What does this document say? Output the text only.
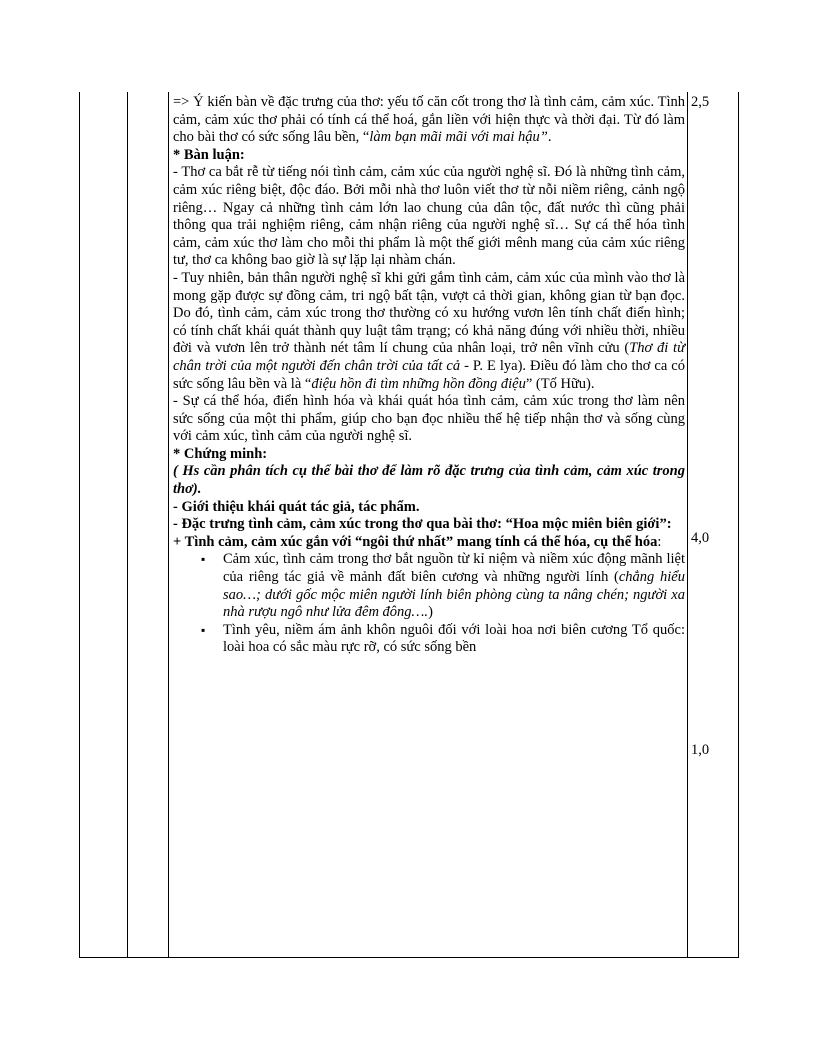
=> Ý kiến bàn về đặc trưng của thơ: yếu tố căn cốt trong thơ là tình cảm, cảm xúc. Tình cảm, cảm xúc thơ phải có tính cá thể hoá, gắn liền với hiện thực và thời đại. Từ đó làm cho bài thơ có sức sống lâu bền, “làm bạn mãi mãi với mai hậu”.

* Bàn luận:

- Thơ ca bắt rễ từ tiếng nói tình cảm, cảm xúc của người nghệ sĩ. Đó là những tình cảm, cảm xúc riêng biệt, độc đáo. Bởi mỗi nhà thơ luôn viết thơ từ nỗi niềm riêng, cảnh ngộ riêng… Ngay cả những tình cảm lớn lao chung của dân tộc, đất nước thì cũng phải thông qua trải nghiệm riêng, cảm nhận riêng của người nghệ sĩ… Sự cá thể hóa tình cảm, cảm xúc thơ làm cho mỗi thi phẩm là một thế giới mênh mang của cảm xúc riêng tư, thơ ca không bao giờ là sự lặp lại nhàm chán.

- Tuy nhiên, bản thân người nghệ sĩ khi gửi gắm tình cảm, cảm xúc của mình vào thơ là mong gặp được sự đồng cảm, tri ngộ bất tận, vượt cả thời gian, không gian từ bạn đọc. Do đó, tình cảm, cảm xúc trong thơ thường có xu hướng vươn lên tính chất điển hình; có tính chất khái quát thành quy luật tâm trạng; có khả năng đúng với nhiều thời, nhiều đời và vươn lên trở thành nét tâm lí chung của nhân loại, trở nên vĩnh cửu (Thơ đi từ chân trời của một người đến chân trời của tất cả - P. E lya). Điều đó làm cho thơ ca có sức sống lâu bền và là “điệu hồn đi tìm những hồn đồng điệu” (Tố Hữu).

- Sự cá thể hóa, điển hình hóa và khái quát hóa tình cảm, cảm xúc trong thơ làm nên sức sống của một thi phẩm, giúp cho bạn đọc nhiều thế hệ tiếp nhận thơ và sống cùng với cảm xúc, tình cảm của người nghệ sĩ.

* Chứng minh:

( Hs cần phân tích cụ thể bài thơ để làm rõ đặc trưng của tình cảm, cảm xúc trong thơ).

- Giới thiệu khái quát tác giả, tác phẩm.

- Đặc trưng tình cảm, cảm xúc trong thơ qua bài thơ: “Hoa mộc miên biên giới”:

+ Tình cảm, cảm xúc gắn với “ngôi thứ nhất” mang tính cá thể hóa, cụ thể hóa:

▪ Cảm xúc, tình cảm trong thơ bắt nguồn từ kỉ niệm và niềm xúc động mãnh liệt của riêng tác giả về mảnh đất biên cương và những người lính (chẳng hiểu sao…; dưới gốc mộc miên người lính biên phòng cùng ta nâng chén; người xa nhà rượu ngô như lửa đêm đông….)
▪ Tình yêu, niềm ám ảnh khôn nguôi đối với loài hoa nơi biên cương Tổ quốc: loài hoa có sắc màu rực rỡ, có sức sống bền
2,5
4,0
1,0
